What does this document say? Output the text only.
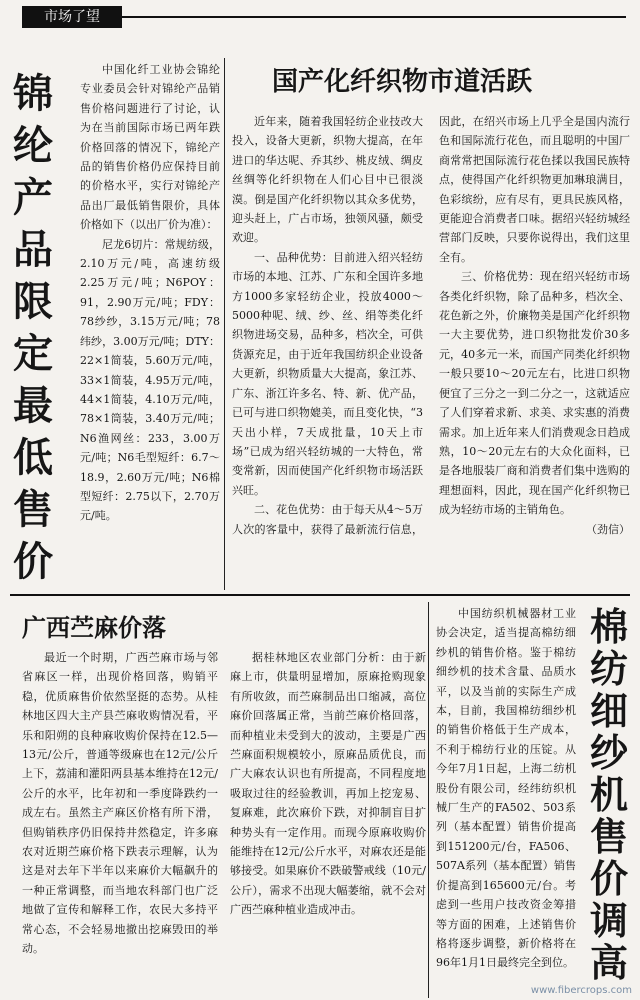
市场了望
锦
纶
产
品
限
定
最
低
售
价

中国化纤工业协会锦纶专业委员会针对锦纶产品销售价格问题进行了讨论，认为在当前国际市场已两年跌价格回落的情况下，锦纶产品的销售价格仍应保持目前的价格水平，实行对锦纶产品出厂最低销售限价，具体价格如下（以出厂价为准）：

尼龙6切片：常规纺级，2.10万元/吨，高速纺级2.25万元/吨；N6POY：91，2.90万元/吨；FDY：78纱纱，3.15万元/吨；78纬纱，3.00万元/吨；DTY：22×1简装，5.60万元/吨，33×1简装，4.95万元/吨，44×1简装，4.10万元/吨，78×1筒装，3.40万元/吨；N6渔网丝：233，3.00万元/吨；N6毛型短纤：6.7～18.9，2.60万元/吨；N6棉型短纤：2.75以下，2.70万元/吨。

国产化纤织物市道活跃

近年来，随着我国轻纺企业技改大投入，设备大更新，织物大提高，在年进口的华达呢、乔其纱、桃皮绒、绸皮丝绸等化纤织物在人们心目中已很淡漠。倒是国产化纤织物以其众多优势，迎头赶上，广占市场，独领风骚，颇受欢迎。

一、品种优势：目前进入绍兴轻纺市场的本地、江苏、广东和全国许多地方1000多家轻纺企业，投放4000～5000种呢、绒、纱、丝、绢等类化纤织物进场交易，品种多，档次全，可供货源充足，由于近年我国纺织企业设备大更新，织物质量大大提高，象江苏、广东、浙江许多名、特、新、优产品，已可与进口织物媲美，而且变化快，“3天出小样，7天成批量，10天上市场”已成为绍兴轻纺城的一大特色，常变常新，因而使国产化纤织物市场活跃兴旺。

二、花色优势：由于每天从4～5万人次的客量中，获得了最新流行信息，因此，在绍兴市场上几乎全是国内流行色和国际流行花色，而且聪明的中国厂商常常把国际流行花色揉以我国民族特点，使得国产化纤织物更加琳琅满目，色彩缤纷，应有尽有，更具民族风格，更能迎合消费者口味。据绍兴轻纺城经营部门反映，只要你说得出，我们这里全有。

三、价格优势：现在绍兴轻纺市场各类化纤织物，除了品种多，档次全、花色新之外，价廉物美是国产化纤织物一大主要优势，进口织物批发价30多元，40多元一米，而国产同类化纤织物一般只要10～20元左右，比进口织物便宜了三分之一到二分之一，这就适应了人们穿着求新、求美、求实惠的消费需求。加上近年来人们消费观念日趋成熟，10～20元左右的大众化面料，已是各地服装厂商和消费者们集中选购的理想面料，因此，现在国产化纤织物已成为轻纺市场的主销角色。

（劲信）
广西苎麻价落

最近一个时期，广西苎麻市场与邻省麻区一样，出现价格回落，购销平稳，优质麻售价依然坚挺的态势。从桂林地区四大主产县苎麻收购情况看，平乐和阳朔的良种麻收购价保持在12.5—13元/公斤，普通等级麻也在12元/公斤上下，荔浦和灌阳两县基本维持在12元/公斤的水平，比年初和一季度降跌约一成左右。虽然主产麻区价格有所下滑，但购销秩序仍旧保持井然稳定，许多麻农对近期苎麻价格下跌表示理解，认为这是对去年下半年以来麻价大幅飙升的一种正常调整，而当地农科部门也广泛地做了宣传和解释工作，农民大多持平常心态，不会轻易地撤出挖麻毁田的举动。

据桂林地区农业部门分析：由于新麻上市，供量明显增加，原麻抢购现象有所收敛，而苎麻制品出口缩减，高位麻价回落属正常，当前苎麻价格回落，而种植业未受到大的波动，主要是广西苎麻面积规模较小，原麻品质优良，而广大麻农认识也有所提高，不同程度地吸取过往的经验教训，再加上挖宠易、复麻难，此次麻价下跌，对抑制盲目扩种势头有一定作用。而现今原麻收购价能维持在12元/公斤水平，对麻农还是能够接受。如果麻价不跌破警戒线（10元/公斤），需求不出现大幅萎缩，就不会对广西苎麻种植业造成冲击。

中国纺织机械器材工业协会决定，适当提高棉纺细纱机的销售价格。鉴于棉纺细纱机的技术含量、品质水平，以及当前的实际生产成本，目前，我国棉纺细纱机的销售价格低于生产成本，不利于棉纺行业的压锭。从今年7月1日起，上海二纺机股份有限公司，经纬纺织机械厂生产的FA502、503系列（基本配置）销售价提高到151200元/台，FA506、507A系列（基本配置）销售价提高到165600元/台。考虑到一些用户技改资金筹措等方面的困难，上述销售价格将逐步调整，新价格将在96年1月1日最终完全到位。

棉
纺
细
纱
机
售
价
调
高
www.fibercrops.com
